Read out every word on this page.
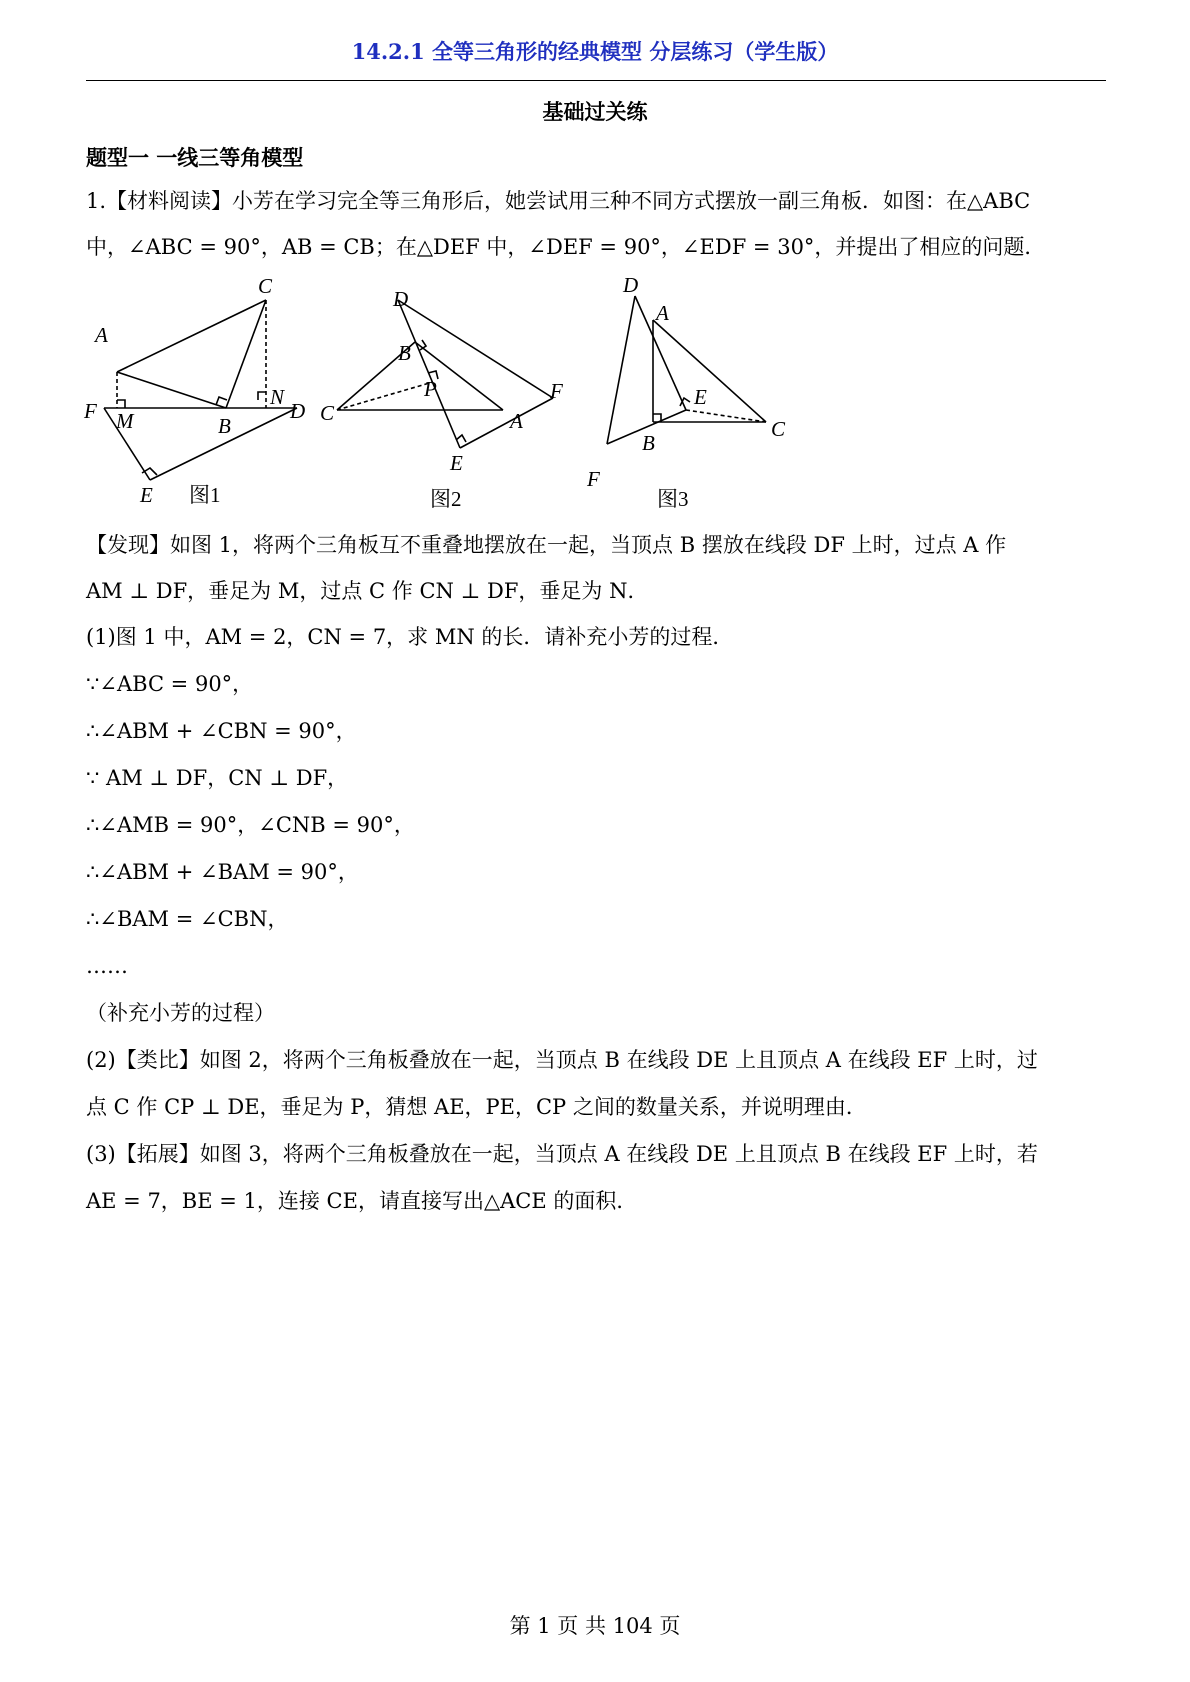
14.2.1 全等三角形的经典模型 分层练习（学生版）
基础过关练
题型一 一线三等角模型
1.【材料阅读】小芳在学习完全等三角形后，她尝试用三种不同方式摆放一副三角板．如图：在△ABC
中，∠ABC = 90°，AB = CB；在△DEF 中，∠DEF = 90°，∠EDF = 30°，并提出了相应的问题．
A
B
C
D
E
F M
N
图1
A
B
C
D
E
F
P
图2
A
B
C
D
E
F
图3
【发现】如图 1，将两个三角板互不重叠地摆放在一起，当顶点 B 摆放在线段 DF 上时，过点 A 作
AM ⊥ DF，垂足为 M，过点 C 作 CN ⊥ DF，垂足为 N．
(1)图 1 中，AM = 2，CN = 7，求 MN 的长．请补充小芳的过程．
∵∠ABC = 90°，
∴∠ABM + ∠CBN = 90°，
∵ AM ⊥ DF，CN ⊥ DF，
∴∠AMB = 90°，∠CNB = 90°，
∴∠ABM + ∠BAM = 90°，
∴∠BAM = ∠CBN，
……
（补充小芳的过程）
(2)【类比】如图 2，将两个三角板叠放在一起，当顶点 B 在线段 DE 上且顶点 A 在线段 EF 上时，过
点 C 作 CP ⊥ DE，垂足为 P，猜想 AE，PE，CP 之间的数量关系，并说明理由．
(3)【拓展】如图 3，将两个三角板叠放在一起，当顶点 A 在线段 DE 上且顶点 B 在线段 EF 上时，若
AE = 7，BE = 1，连接 CE，请直接写出△ACE 的面积．
第 1 页 共 104 页
